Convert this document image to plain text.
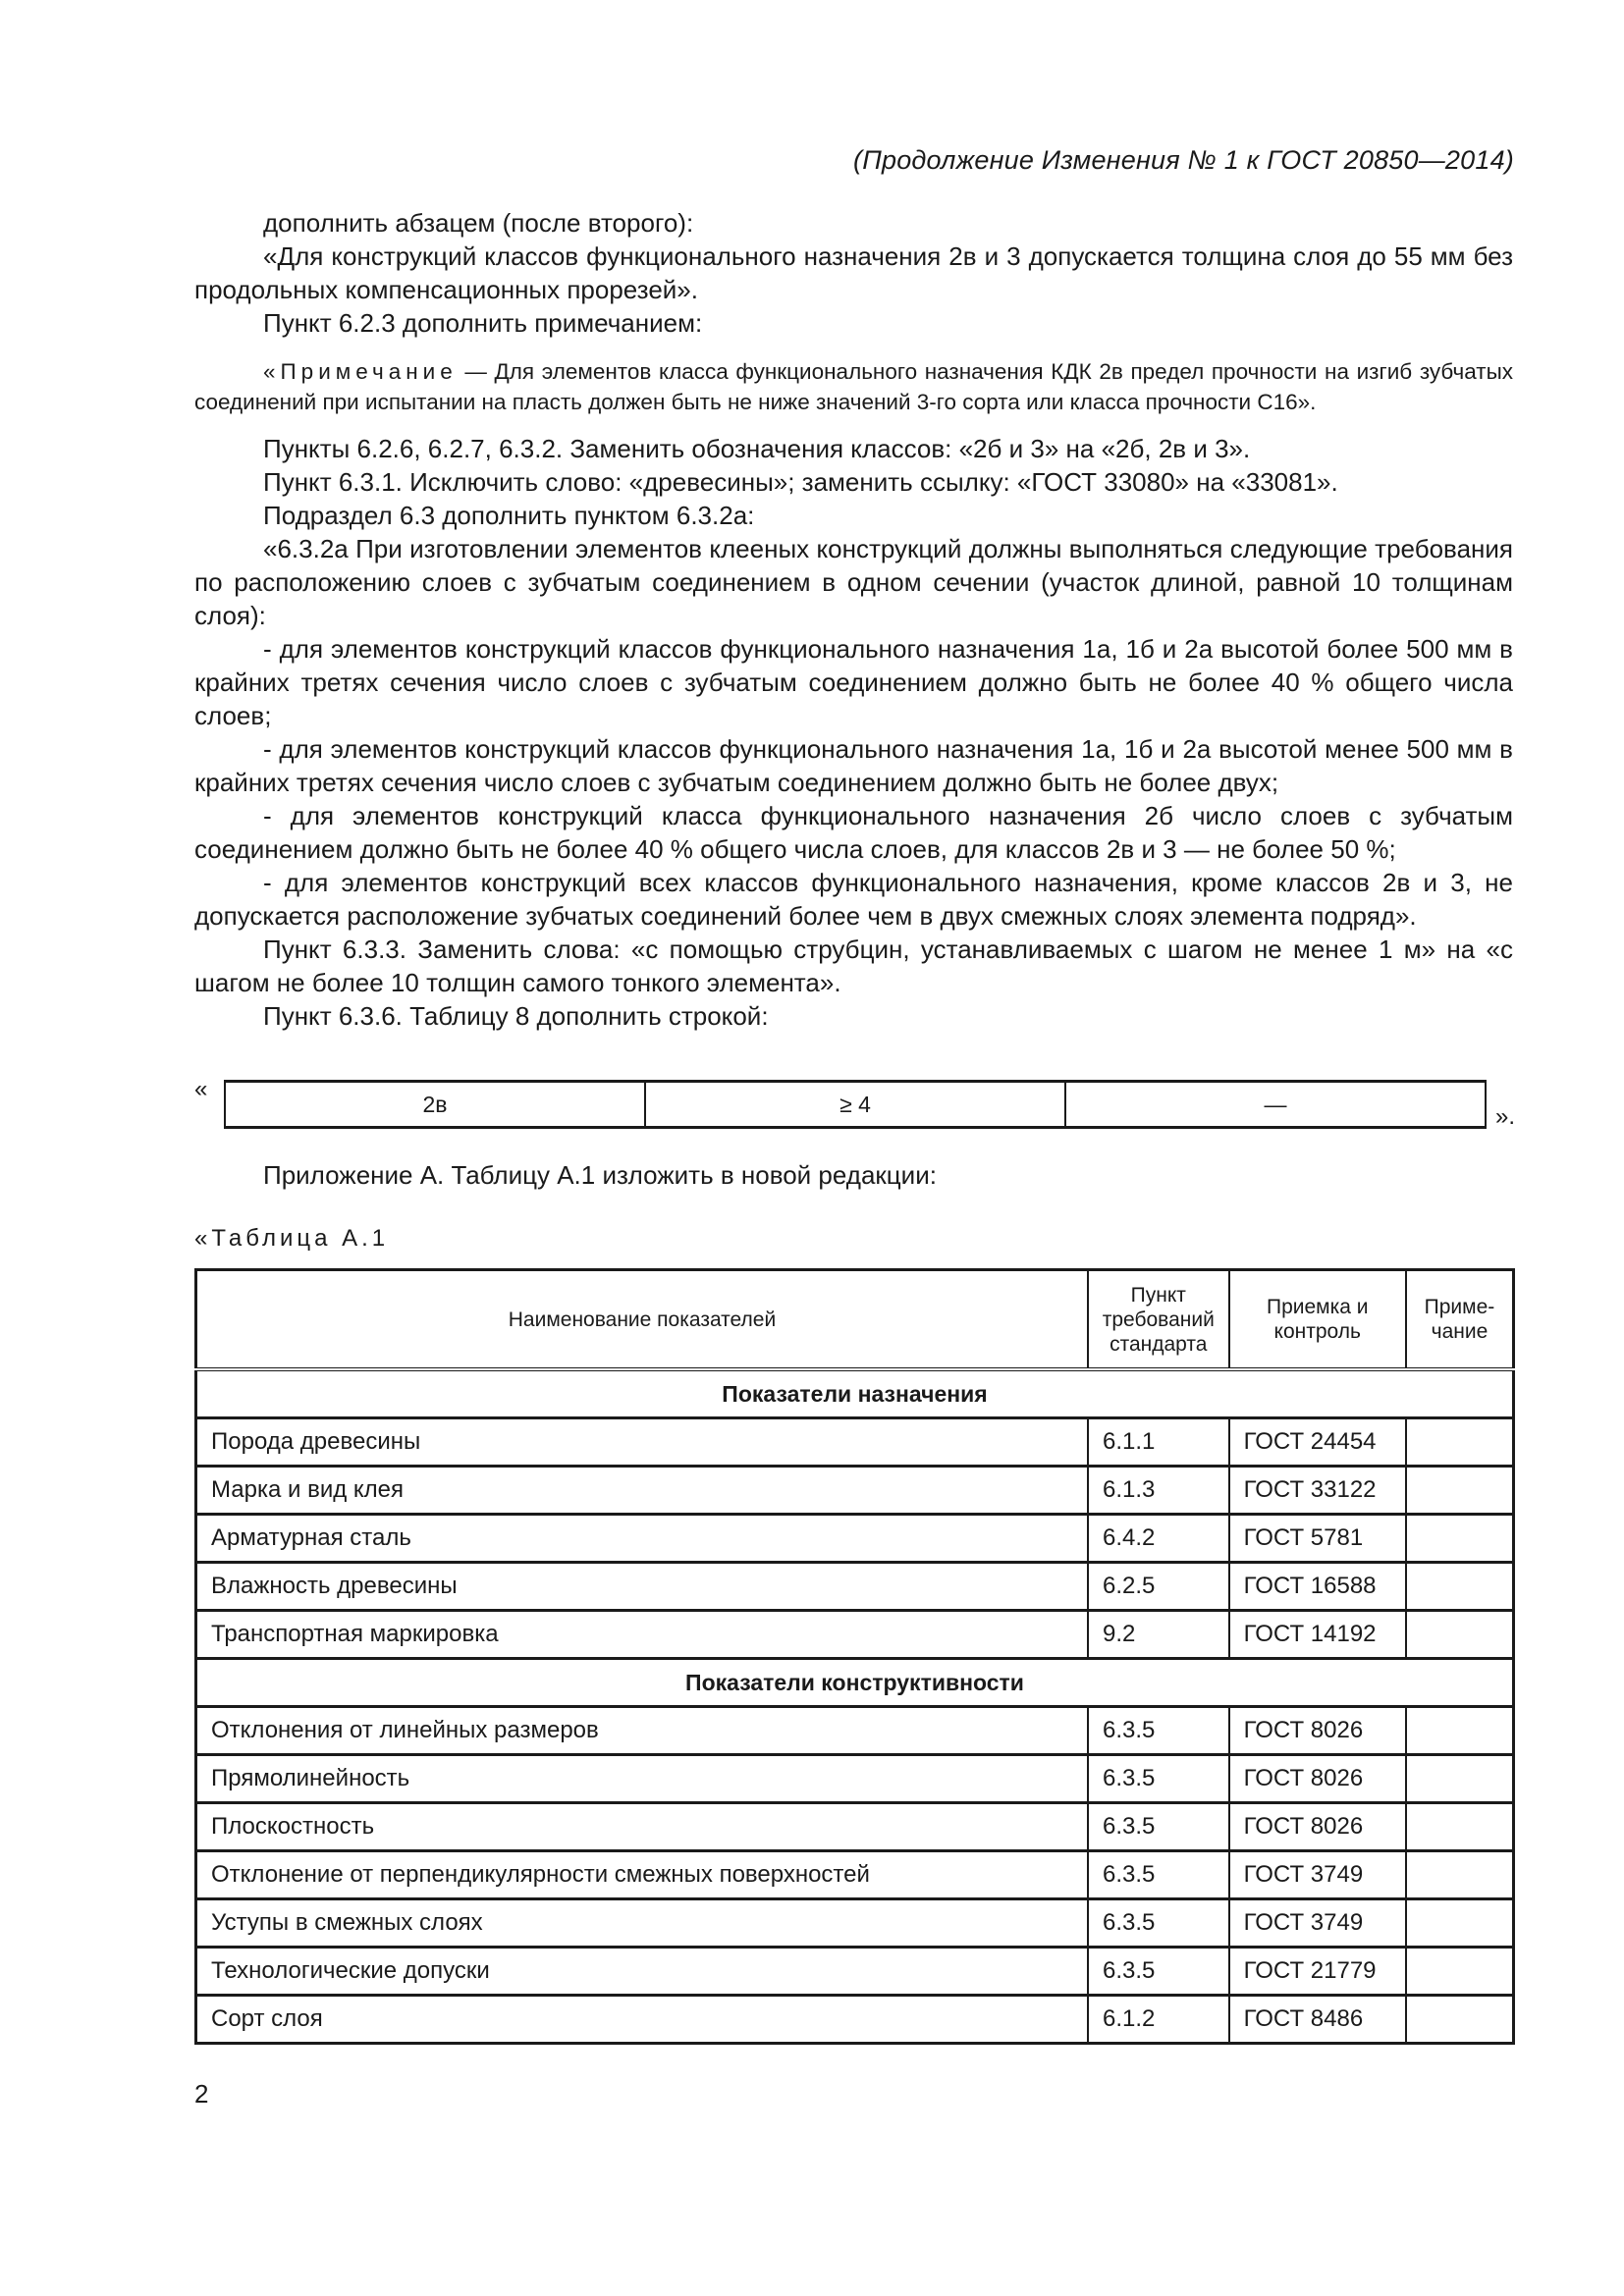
(Продолжение Изменения № 1 к ГОСТ 20850—2014)

дополнить абзацем (после второго):

«Для конструкций классов функционального назначения 2в и 3 допускается толщина слоя до 55 мм без продольных компенсационных прорезей».

Пункт 6.2.3 дополнить примечанием:

«Примечание — Для элементов класса функционального назначения КДК 2в предел прочности на изгиб зубчатых соединений при испытании на пласть должен быть не ниже значений 3-го сорта или класса прочности С16».

Пункты 6.2.6, 6.2.7, 6.3.2. Заменить обозначения классов: «2б и 3» на «2б, 2в и 3».

Пункт 6.3.1. Исключить слово: «древесины»; заменить ссылку: «ГОСТ 33080» на «33081».

Подраздел 6.3 дополнить пунктом 6.3.2а:

«6.3.2а При изготовлении элементов клееных конструкций должны выполняться следующие требования по расположению слоев с зубчатым соединением в одном сечении (участок длиной, равной 10 толщинам слоя):

- для элементов конструкций классов функционального назначения 1а, 1б и 2а высотой более 500 мм в крайних третях сечения число слоев с зубчатым соединением должно быть не более 40 % общего числа слоев;

- для элементов конструкций классов функционального назначения 1а, 1б и 2а высотой менее 500 мм в крайних третях сечения число слоев с зубчатым соединением должно быть не более двух;

- для элементов конструкций класса функционального назначения 2б число слоев с зубчатым соединением должно быть не более 40 % общего числа слоев, для классов 2в и 3 — не более 50 %;

- для элементов конструкций всех классов функционального назначения, кроме классов 2в и 3, не допускается расположение зубчатых соединений более чем в двух смежных слоях элемента подряд».

Пункт 6.3.3. Заменить слова: «с помощью струбцин, устанавливаемых с шагом не менее 1 м» на «с шагом не более 10 толщин самого тонкого элемента».

Пункт 6.3.6. Таблицу 8 дополнить строкой:

«
2в	≥ 4	—	».
Приложение А. Таблицу А.1 изложить в новой редакции:
«Таблица А.1
Наименование показателей	Пункт требований стандарта	Приемка и контроль	Приме-чание
Показатели назначения			
Порода древесины	6.1.1	ГОСТ 24454	
Марка и вид клея	6.1.3	ГОСТ 33122	
Арматурная сталь	6.4.2	ГОСТ 5781	
Влажность древесины	6.2.5	ГОСТ 16588	
Транспортная маркировка	9.2	ГОСТ 14192	
Показатели конструктивности			
Отклонения от линейных размеров	6.3.5	ГОСТ 8026	
Прямолинейность	6.3.5	ГОСТ 8026	
Плоскостность	6.3.5	ГОСТ 8026	
Отклонение от перпендикулярности смежных поверхностей	6.3.5	ГОСТ 3749	
Уступы в смежных слоях	6.3.5	ГОСТ 3749	
Технологические допуски	6.3.5	ГОСТ 21779	
Сорт слоя	6.1.2	ГОСТ 8486	
2
